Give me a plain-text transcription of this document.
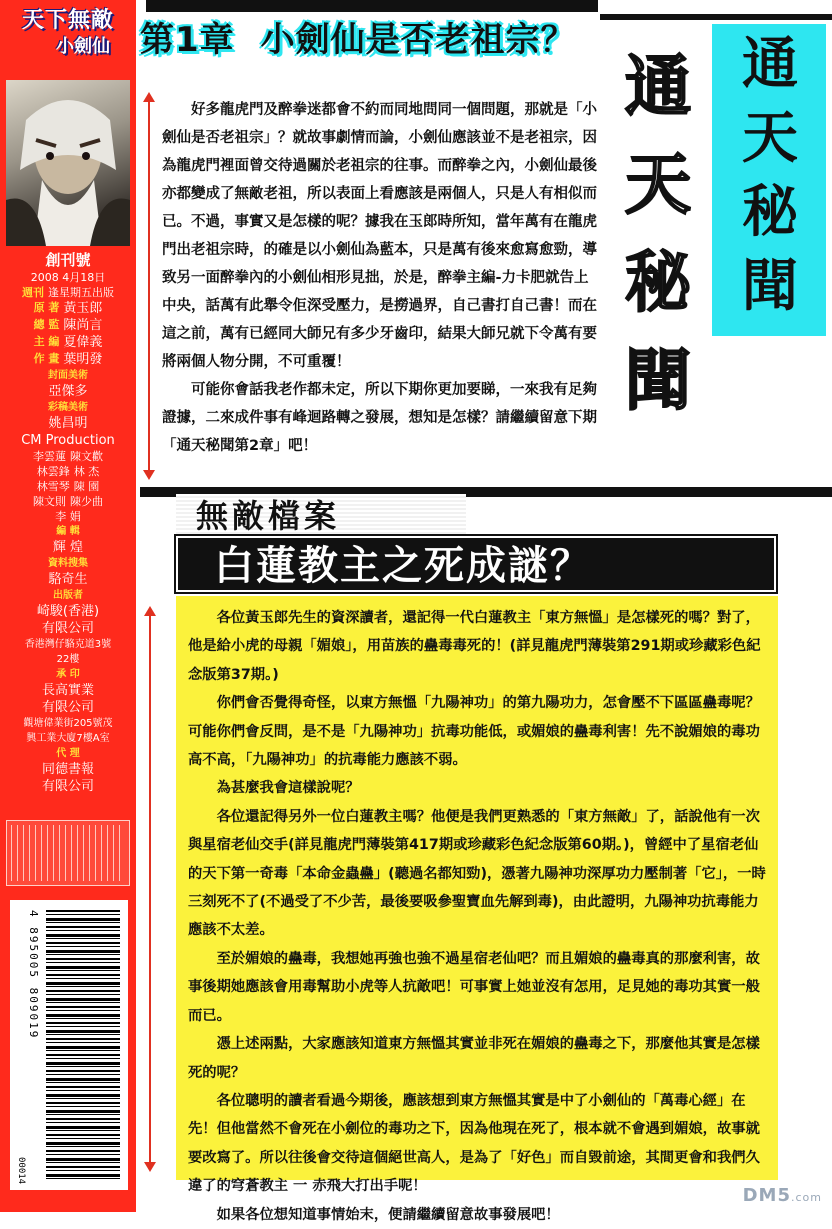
天下無敵
小劍仙
創刊號
2008 4月18日
週刊 逢星期五出版
原 著 黃玉郎
總 監 陳尚言
主 編 夏偉義
作 畫 葉明發
封面美術
亞傑多
彩稿美術
姚昌明
CM Production
李雲蓮 陳文歡
林雲鋒 林 杰
林雪琴 陳 園
陳文則 陳少曲
李 娟
編 輯
輝 煌
資料搜集
駱奇生
出版者
崎駿(香港)
有限公司
香港灣仔駱克道3號
22樓
承 印
長高實業
有限公司
觀塘偉業街205號茂
興工業大廈7樓A室
代 理
同德書報
有限公司
4 895005 809019
00014
第1章 小劍仙是否老祖宗？
通
天
秘
聞
通
天
秘
聞

好多龍虎門及醉拳迷都會不約而同地問同一個問題，那就是「小劍仙是否老祖宗」？就故事劇情而論，小劍仙應該並不是老祖宗，因為龍虎門裡面曾交待過關於老祖宗的往事。而醉拳之內，小劍仙最後亦都變成了無敵老祖，所以表面上看應該是兩個人，只是人有相似而已。不過，事實又是怎樣的呢？據我在玉郎時所知，當年萬有在龍虎門出老祖宗時，的確是以小劍仙為藍本，只是萬有後來愈寫愈勁，導致另一面醉拳內的小劍仙相形見拙，於是，醉拳主編-力卡肥就告上中央，話萬有此舉令佢深受壓力，是撈過界，自己書打自己書！而在這之前，萬有已經同大師兄有多少牙齒印，結果大師兄就下令萬有要將兩個人物分開，不可重覆！

可能你會話我老作都未定，所以下期你更加要睇，一來我有足夠證據，二來成件事有峰迴路轉之發展，想知是怎樣？請繼續留意下期「通天秘聞第2章」吧！

無敵檔案
白蓮教主之死成謎？

各位黃玉郎先生的資深讀者，還記得一代白蓮教主「東方無慍」是怎樣死的嗎？對了，他是給小虎的母親「媚娘」，用苗族的蠱毒毒死的！(詳見龍虎門薄裝第291期或珍藏彩色紀念版第37期。)

你們會否覺得奇怪，以東方無慍「九陽神功」的第九陽功力，怎會壓不下區區蠱毒呢？可能你們會反問，是不是「九陽神功」抗毒功能低，或媚娘的蠱毒利害！先不說媚娘的毒功高不高，「九陽神功」的抗毒能力應該不弱。

為甚麼我會這樣說呢？

各位還記得另外一位白蓮教主嗎？他便是我們更熟悉的「東方無敵」了，話說他有一次與星宿老仙交手(詳見龍虎門薄裝第417期或珍藏彩色紀念版第60期。)，曾經中了星宿老仙的天下第一奇毒「本命金蟲蠱」(聽過名都知勁)，憑著九陽神功深厚功力壓制著「它」，一時三刻死不了(不過受了不少苦，最後要吸參聖寶血先解到毒)，由此證明，九陽神功抗毒能力應該不太差。

至於媚娘的蠱毒，我想她再強也強不過星宿老仙吧？而且媚娘的蠱毒真的那麼利害，故事後期她應該會用毒幫助小虎等人抗敵吧！可事實上她並沒有怎用，足見她的毒功其實一般而已。

憑上述兩點，大家應該知道東方無慍其實並非死在媚娘的蠱毒之下，那麼他其實是怎樣死的呢？

各位聰明的讀者看過今期後，應該想到東方無慍其實是中了小劍仙的「萬毒心經」在先！但他當然不會死在小劍位的毒功之下，因為他現在死了，根本就不會遇到媚娘，故事就要改寫了。所以往後會交待這個絕世高人，是為了「好色」而自毀前途，其間更會和我們久違了的穹蒼教主 一 赤飛大打出手呢！

如果各位想知道事情始末，便請繼續留意故事發展吧！

DM5.com
